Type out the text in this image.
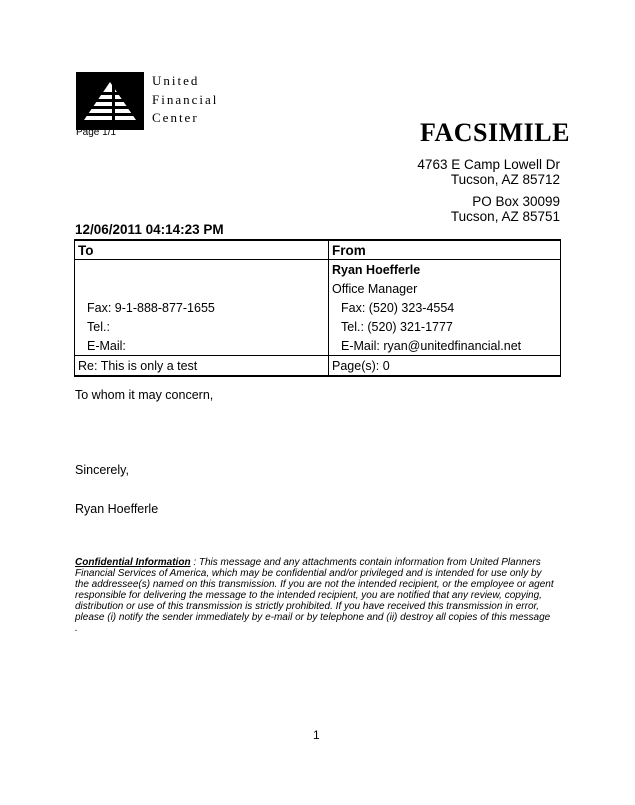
United
Financial
Center
Page 1/1	FACSIMILE
4763 E Camp Lowell Dr
Tucson, AZ 85712
PO Box 30099
Tucson, AZ 85751
12/06/2011 04:14:23 PM
To	From
	Ryan Hoefferle
	Office Manager
Fax: 9-1-888-877-1655	Fax: (520) 323-4554
Tel.:	Tel.: (520) 321-1777
E-Mail:	E-Mail: ryan@unitedfinancial.net
Re: This is only a test	Page(s): 0
To whom it may concern,
Sincerely,
Ryan Hoefferle
Confidential Information : This message and any attachments contain information from United Planners Financial Services of America, which may be confidential and/or privileged and is intended for use only by the addressee(s) named on this transmission. If you are not the intended recipient, or the employee or agent responsible for delivering the message to the intended recipient, you are notified that any review, copying, distribution or use of this transmission is strictly prohibited. If you have received this transmission in error, please (i) notify the sender immediately by e-mail or by telephone and (ii) destroy all copies of this message .
1
